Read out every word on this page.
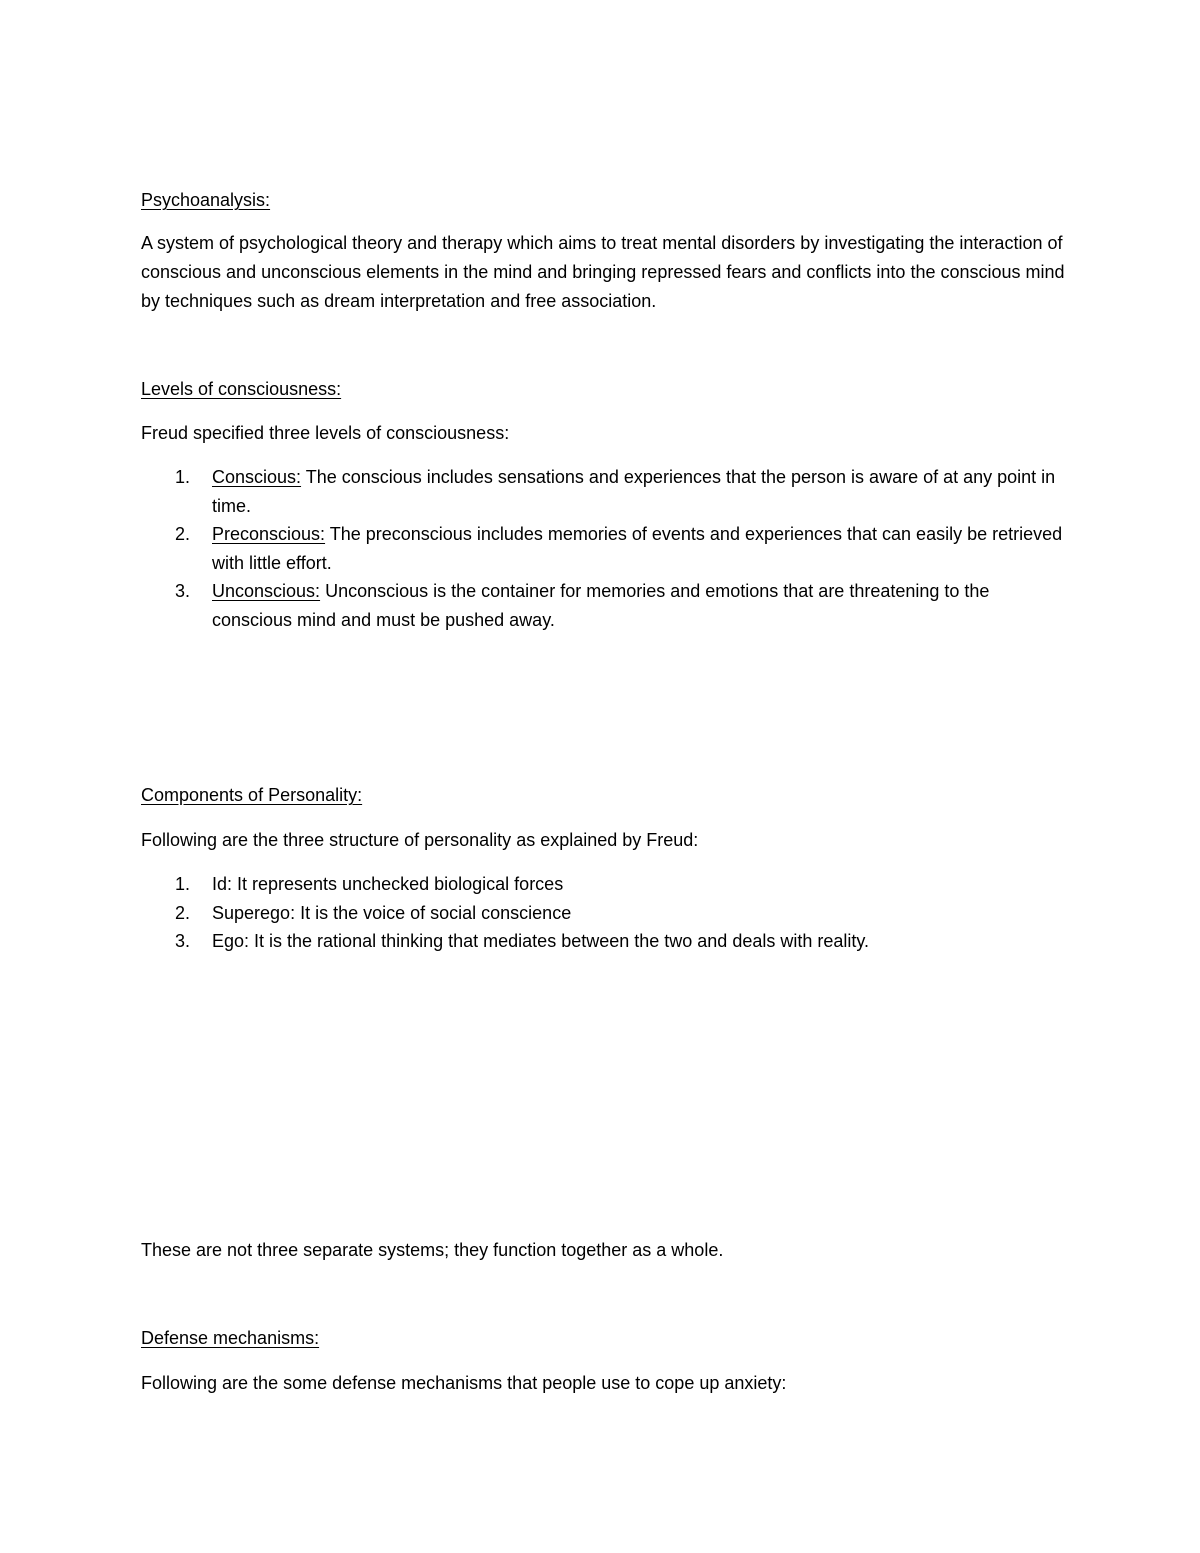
Psychoanalysis:

A system of psychological theory and therapy which aims to treat mental disorders by investigating the interaction of conscious and unconscious elements in the mind and bringing repressed fears and conflicts into the conscious mind by techniques such as dream interpretation and free association.

Levels of consciousness:

Freud specified three levels of consciousness:

1. Conscious: The conscious includes sensations and experiences that the person is aware of at any point in time.
2. Preconscious: The preconscious includes memories of events and experiences that can easily be retrieved with little effort.
3. Unconscious: Unconscious is the container for memories and emotions that are threatening to the conscious mind and must be pushed away.

Components of Personality:

Following are the three structure of personality as explained by Freud:

1. Id: It represents unchecked biological forces
2. Superego: It is the voice of social conscience
3. Ego: It is the rational thinking that mediates between the two and deals with reality.

These are not three separate systems; they function together as a whole.

Defense mechanisms:

Following are the some defense mechanisms that people use to cope up anxiety:
